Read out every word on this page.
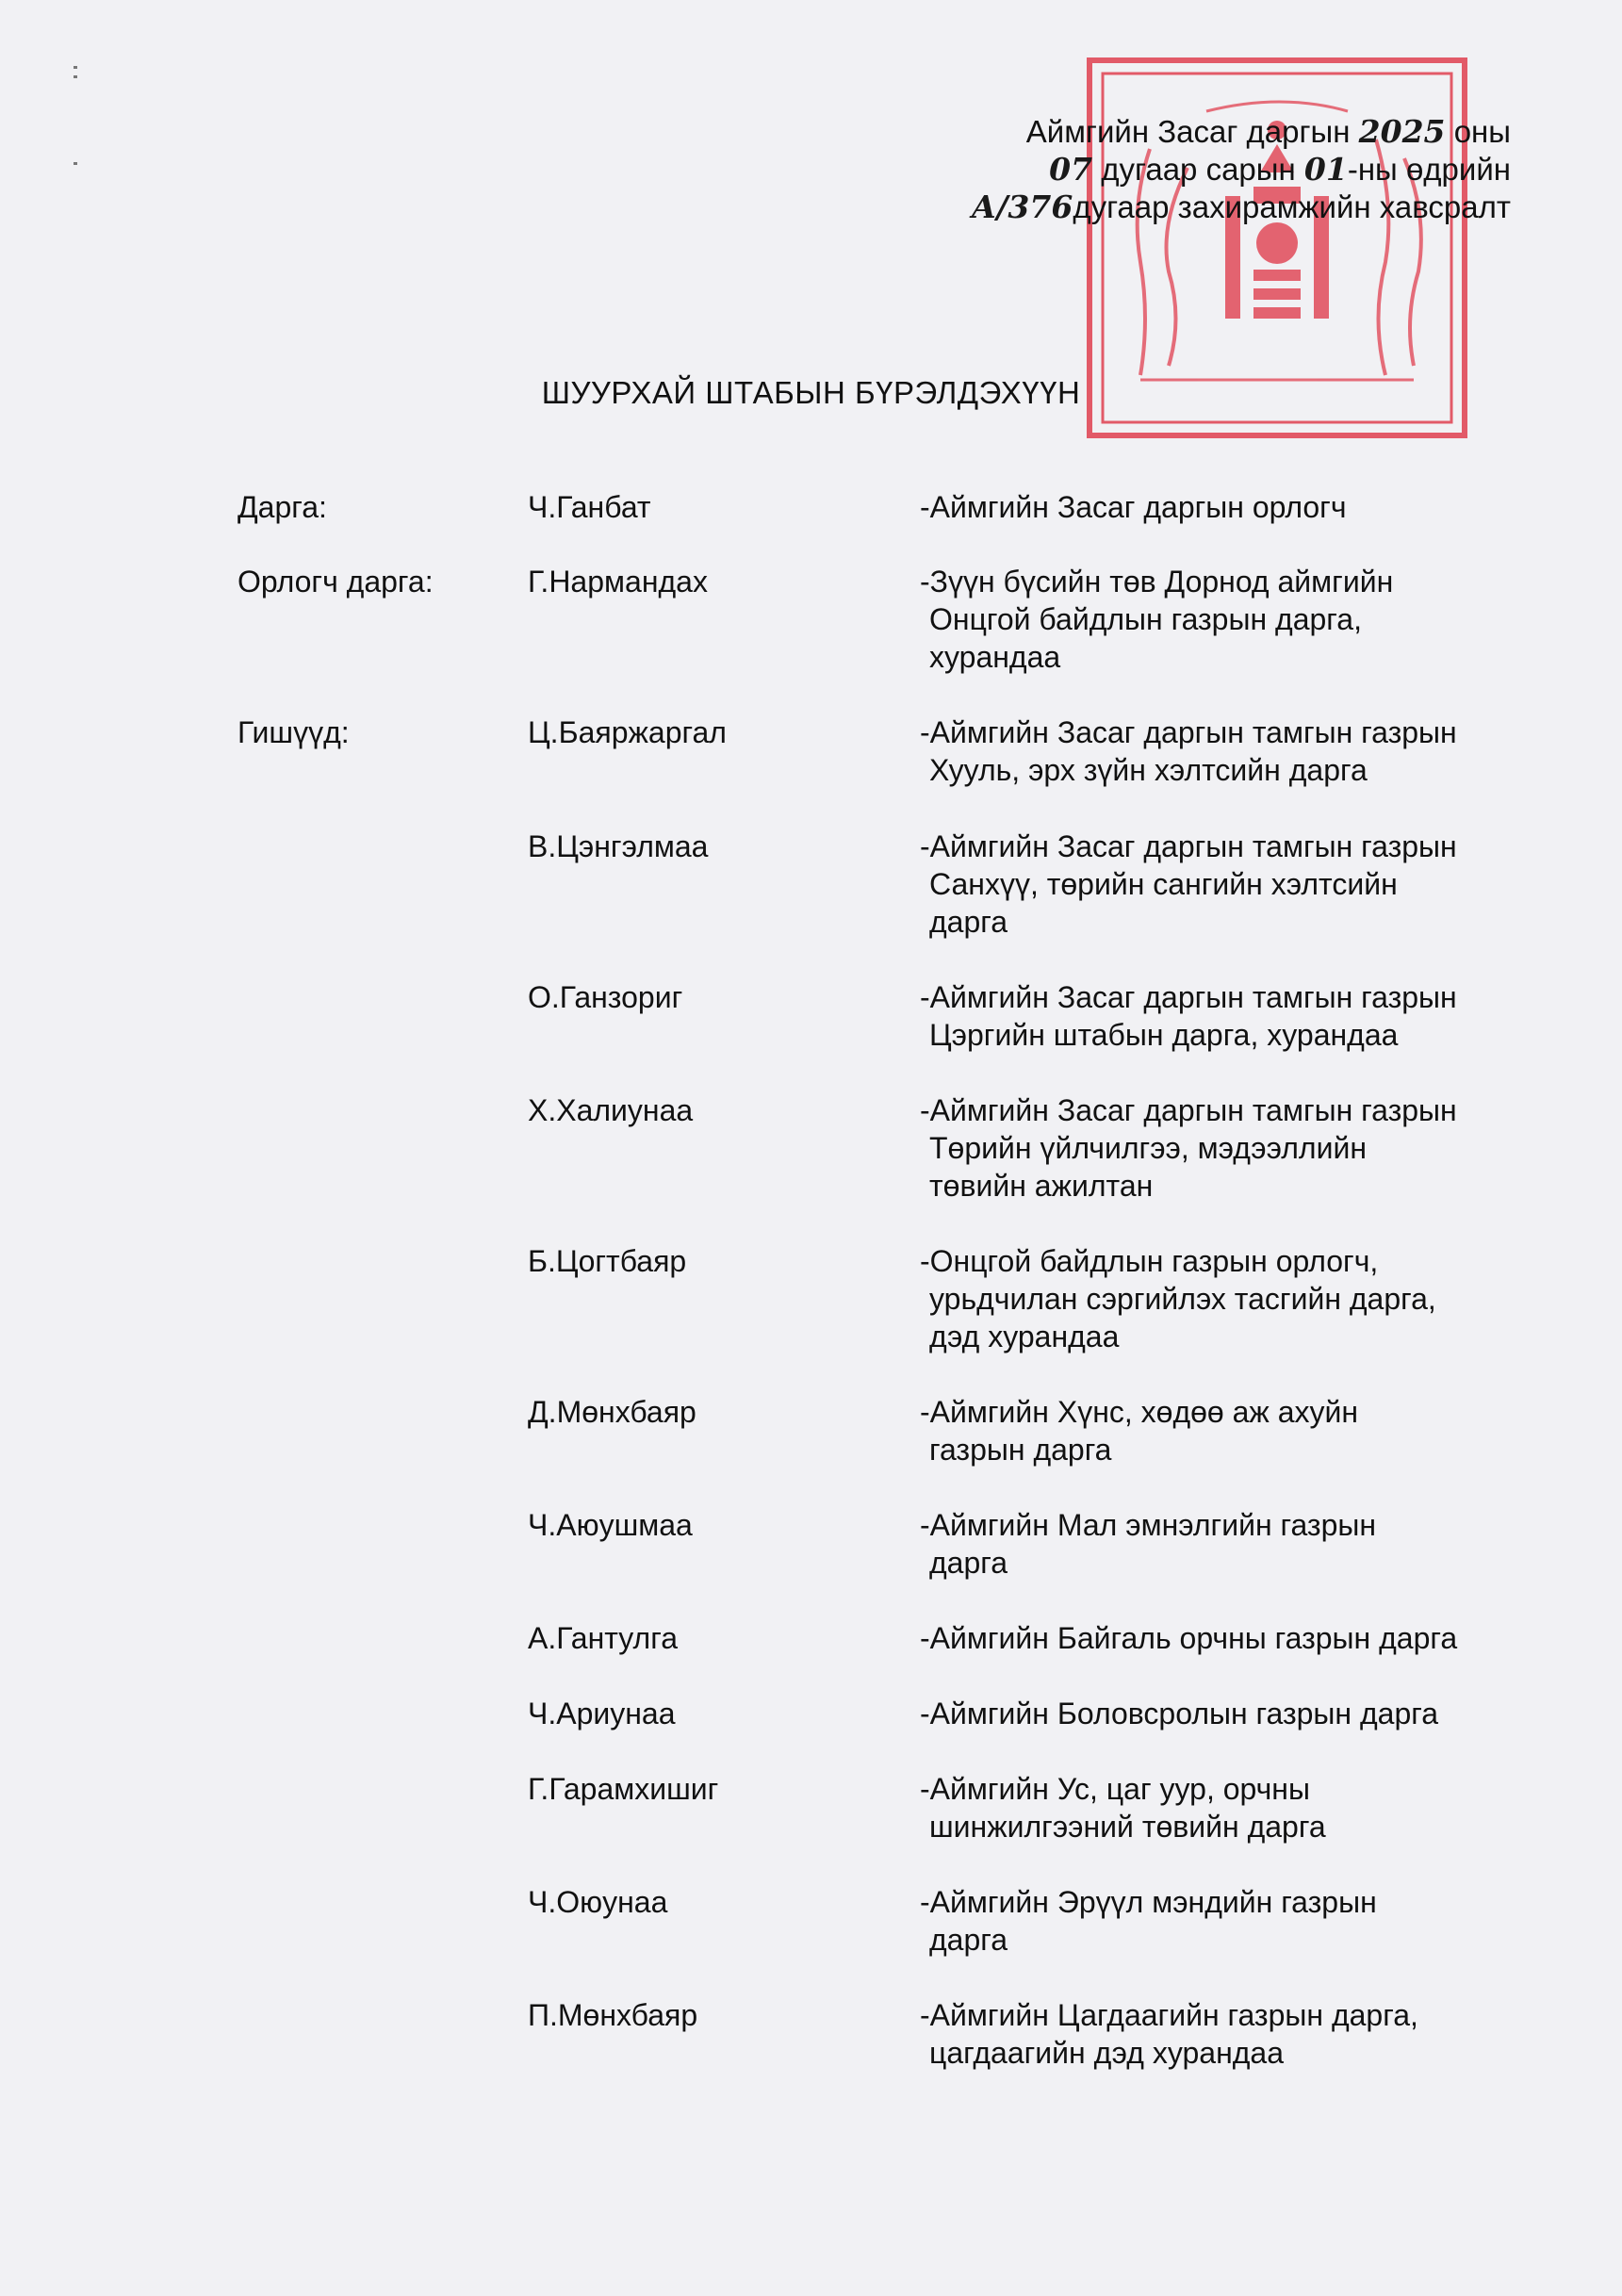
Аймгийн Засаг даргын 2025 оны
07 дугаар сарын 01-ны өдрийн
А/376дугаар захирамжийн хавсралт
ШУУРХАЙ ШТАБЫН БҮРЭЛДЭХҮҮН
Дарга:	Ч.Ганбат	-Аймгийн Засаг даргын орлогч
Орлогч дарга:	Г.Нармандах	-Зүүн бүсийн төв Дорнод аймгийн
Онцгой байдлын газрын дарга,
хурандаа
Гишүүд:	Ц.Баяржаргал	-Аймгийн Засаг даргын тамгын газрын
Хууль, эрх зүйн хэлтсийн дарга
В.Цэнгэлмаа	-Аймгийн Засаг даргын тамгын газрын
Санхүү, төрийн сангийн хэлтсийн
дарга
О.Ганзориг	-Аймгийн Засаг даргын тамгын газрын
Цэргийн штабын дарга, хурандаа
Х.Халиунаа	-Аймгийн Засаг даргын тамгын газрын
Төрийн үйлчилгээ, мэдээллийн
төвийн ажилтан
Б.Цогтбаяр	-Онцгой байдлын газрын орлогч,
урьдчилан сэргийлэх тасгийн дарга,
дэд хурандаа
Д.Мөнхбаяр	-Аймгийн Хүнс, хөдөө аж ахуйн
газрын дарга
Ч.Аюушмаа	-Аймгийн Мал эмнэлгийн газрын
дарга
А.Гантулга	-Аймгийн Байгаль орчны газрын дарга
Ч.Ариунаа	-Аймгийн Боловсролын газрын дарга
Г.Гарамхишиг	-Аймгийн Ус, цаг уур, орчны
шинжилгээний төвийн дарга
Ч.Оюунаа	-Аймгийн Эрүүл мэндийн газрын
дарга
П.Мөнхбаяр	-Аймгийн Цагдаагийн газрын дарга,
цагдаагийн дэд хурандаа
